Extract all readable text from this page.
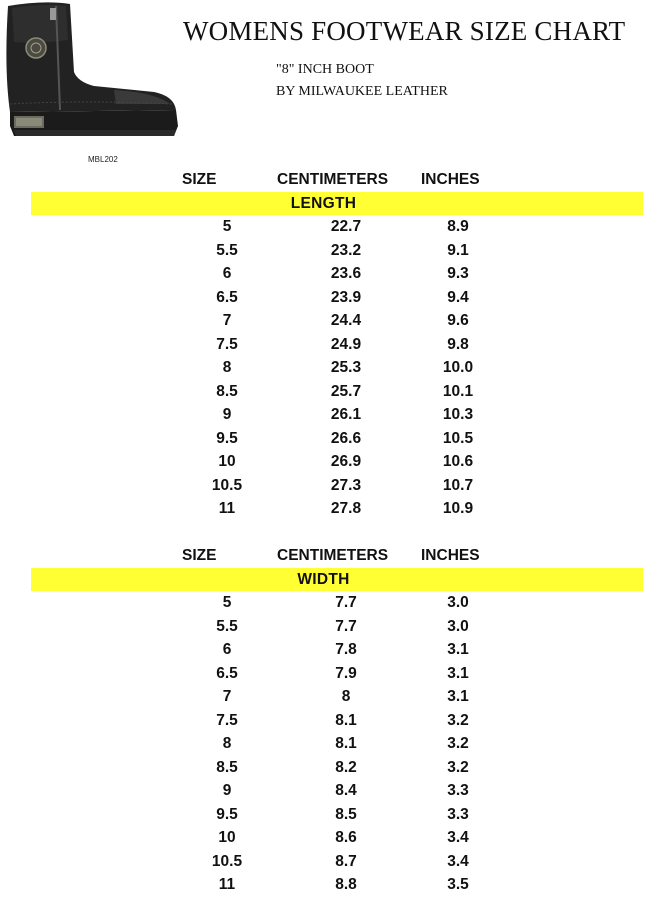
MBL202
WOMENS FOOTWEAR SIZE CHART
"8" INCH BOOT
BY MILWAUKEE LEATHER
SIZE	CENTIMETERS INCHES
LENGTH
5	22.7	8.9
5.5	23.2	9.1
6	23.6	9.3
6.5	23.9	9.4
7	24.4	9.6
7.5	24.9	9.8
8	25.3	10.0
8.5	25.7	10.1
9	26.1	10.3
9.5	26.6	10.5
10	26.9	10.6
10.5	27.3	10.7
11	27.8	10.9
SIZE	CENTIMETERS INCHES
WIDTH
5	7.7	3.0
5.5	7.7	3.0
6	7.8	3.1
6.5	7.9	3.1
7	8	3.1
7.5	8.1	3.2
8	8.1	3.2
8.5	8.2	3.2
9	8.4	3.3
9.5	8.5	3.3
10	8.6	3.4
10.5	8.7	3.4
11	8.8	3.5
